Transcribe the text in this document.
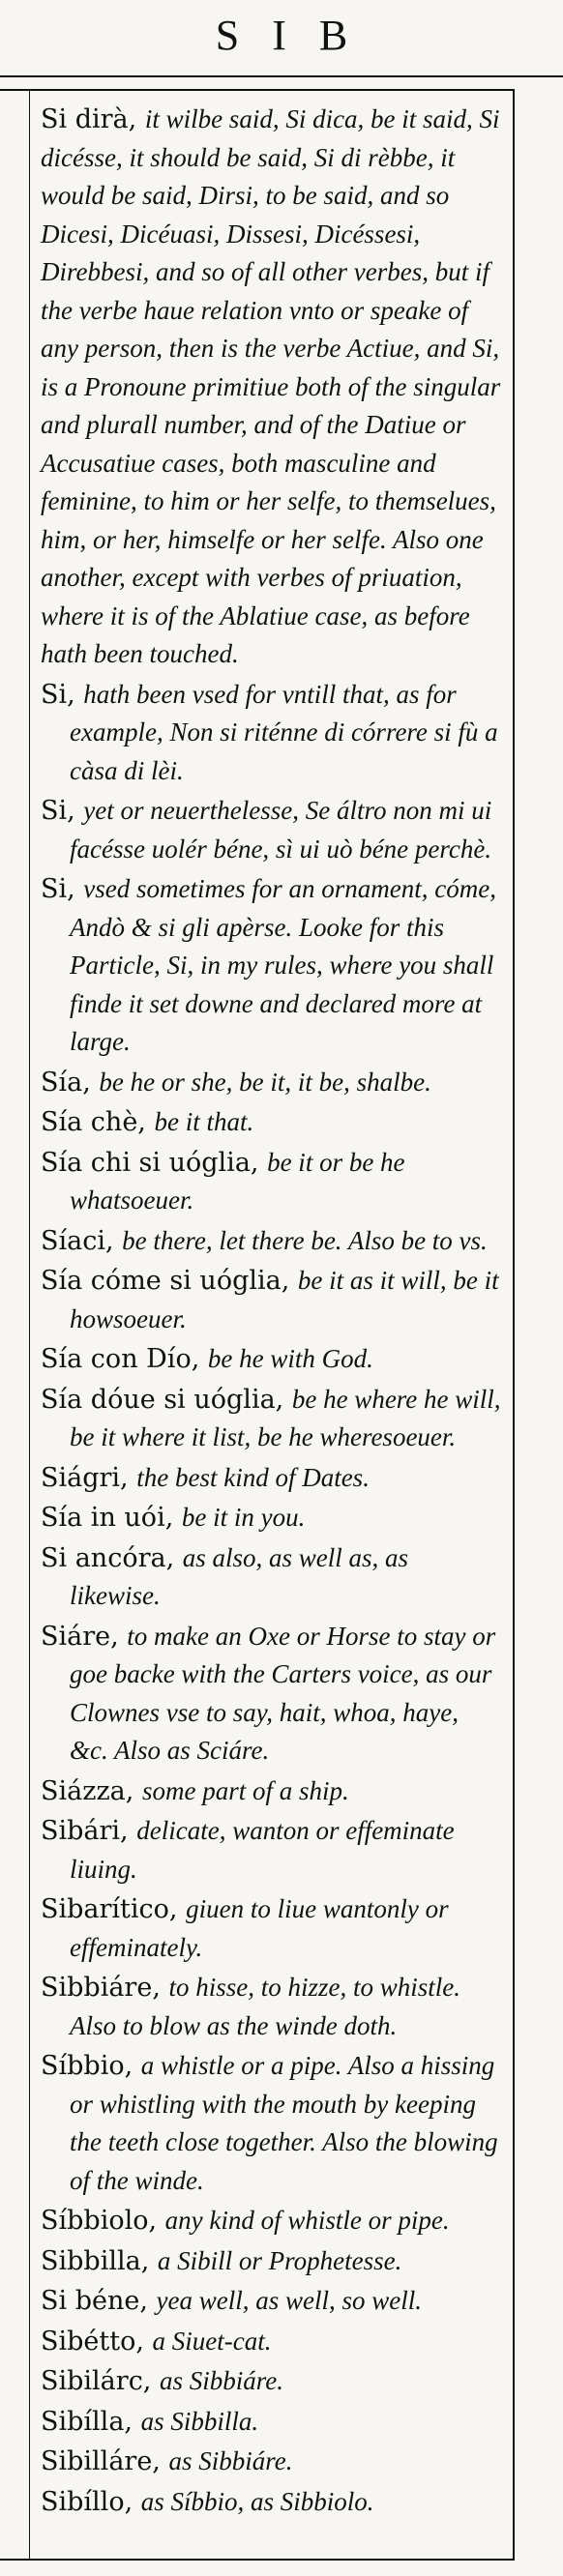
SIB
Si dirà, it wilbe said, Si dica, be it said, Si dicésse, it should be said, Si di rèbbe, it would be said, Dirsi, to be said, and so Dicesi, Dicéuasi, Dissesi, Dicéssesi, Direbbesi, and so of all other verbes, but if the verbe haue relation vnto or speake of any person, then is the verbe Actiue, and Si, is a Pronoune primitiue both of the singular and plurall number, and of the Datiue or Accusatiue cases, both masculine and feminine, to him or her selfe, to themselues, him, or her, himselfe or her selfe. Also one another, except with verbes of priuation, where it is of the Ablatiue case, as before hath been touched.
Si, hath been vsed for vntill that, as for example, Non si riténne di córrere si fù a càsa di lèi.
Si, yet or neuerthelesse, Se áltro non mi ui facésse uolér béne, sì ui uò béne perchè.
Si, vsed sometimes for an ornament, cóme, Andò & si gli apèrse. Looke for this Particle, Si, in my rules, where you shall finde it set downe and declared more at large.
Sía, be he or she, be it, it be, shalbe.
Sía chè, be it that.
Sía chi si uóglia, be it or be he whatsoeuer.
Síaci, be there, let there be. Also be to vs.
Sía cóme si uóglia, be it as it will, be it howsoeuer.
Sía con Dío, be he with God.
Sía dóue si uóglia, be he where he will, be it where it list, be he wheresoeuer.
Siágri, the best kind of Dates.
Sía in uói, be it in you.
Si ancóra, as also, as well as, as likewise.
Siáre, to make an Oxe or Horse to stay or goe backe with the Carters voice, as our Clownes vse to say, hait, whoa, haye, &c. Also as Sciáre.
Siázza, some part of a ship.
Sibári, delicate, wanton or effeminate liuing.
Sibarítico, giuen to liue wantonly or effeminately.
Sibbiáre, to hisse, to hizze, to whistle. Also to blow as the winde doth.
Síbbio, a whistle or a pipe. Also a hissing or whistling with the mouth by keeping the teeth close together. Also the blowing of the winde.
Síbbiolo, any kind of whistle or pipe.
Sibbilla, a Sibill or Prophetesse.
Si béne, yea well, as well, so well.
Sibétto, a Siuet-cat.
Sibilárc, as Sibbiáre.
Sibílla, as Sibbilla.
Sibilláre, as Sibbiáre.
Sibíllo, as Síbbio, as Sibbiolo.
